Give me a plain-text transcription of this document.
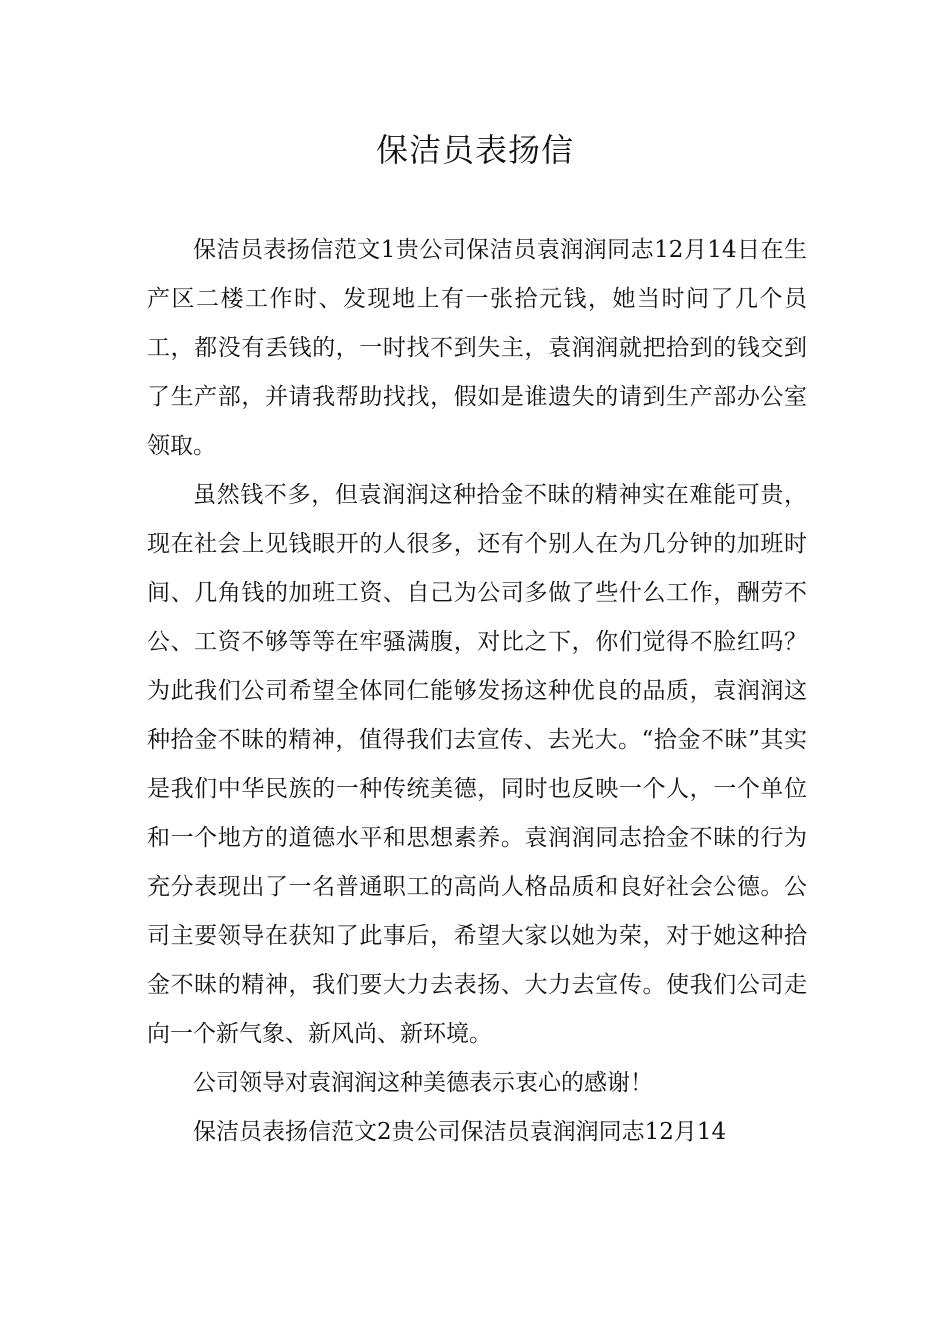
保洁员表扬信

保洁员表扬信范文1贵公司保洁员袁润润同志12月14日在生产区二楼工作时、发现地上有一张拾元钱，她当时问了几个员工，都没有丢钱的，一时找不到失主，袁润润就把拾到的钱交到了生产部，并请我帮助找找，假如是谁遗失的请到生产部办公室领取。

虽然钱不多，但袁润润这种拾金不昧的精神实在难能可贵，现在社会上见钱眼开的人很多，还有个别人在为几分钟的加班时间、几角钱的加班工资、自己为公司多做了些什么工作，酬劳不公、工资不够等等在牢骚满腹，对比之下，你们觉得不脸红吗？为此我们公司希望全体同仁能够发扬这种优良的品质，袁润润这种拾金不昧的精神，值得我们去宣传、去光大。“拾金不昧”其实是我们中华民族的一种传统美德，同时也反映一个人，一个单位和一个地方的道德水平和思想素养。袁润润同志拾金不昧的行为充分表现出了一名普通职工的高尚人格品质和良好社会公德。公司主要领导在获知了此事后，希望大家以她为荣，对于她这种拾金不昧的精神，我们要大力去表扬、大力去宣传。使我们公司走向一个新气象、新风尚、新环境。

公司领导对袁润润这种美德表示衷心的感谢！

保洁员表扬信范文2贵公司保洁员袁润润同志12月14
